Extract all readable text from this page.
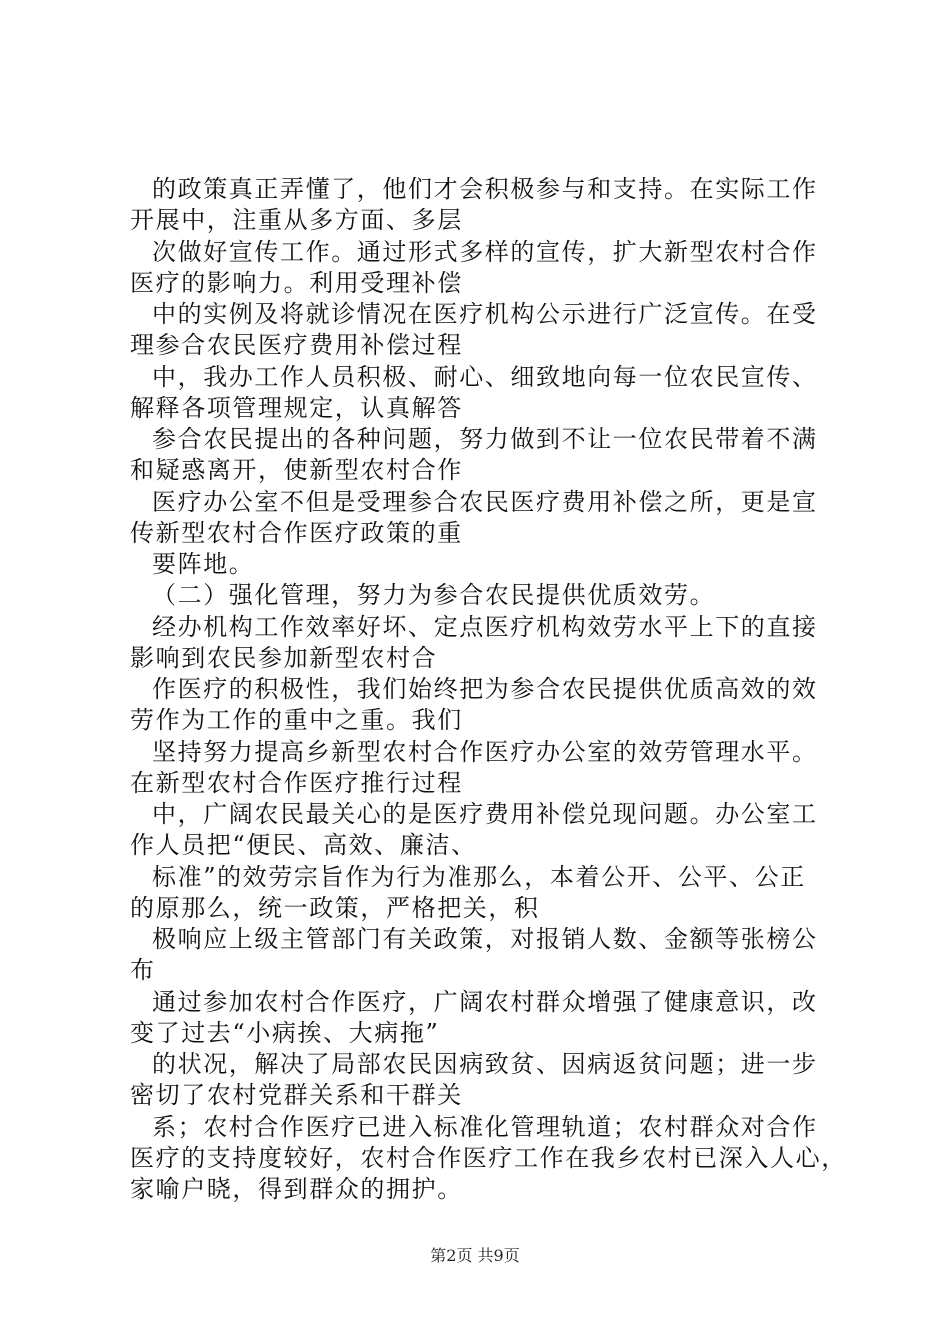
的政策真正弄懂了，他们才会积极参与和支持。在实际工作
开展中，注重从多方面、多层
次做好宣传工作。通过形式多样的宣传，扩大新型农村合作
医疗的影响力。利用受理补偿
中的实例及将就诊情况在医疗机构公示进行广泛宣传。在受
理参合农民医疗费用补偿过程
中，我办工作人员积极、耐心、细致地向每一位农民宣传、
解释各项管理规定，认真解答
参合农民提出的各种问题，努力做到不让一位农民带着不满
和疑惑离开，使新型农村合作
医疗办公室不但是受理参合农民医疗费用补偿之所，更是宣
传新型农村合作医疗政策的重
要阵地。
（二）强化管理，努力为参合农民提供优质效劳。
经办机构工作效率好坏、定点医疗机构效劳水平上下的直接
影响到农民参加新型农村合
作医疗的积极性，我们始终把为参合农民提供优质高效的效
劳作为工作的重中之重。我们
坚持努力提高乡新型农村合作医疗办公室的效劳管理水平。
在新型农村合作医疗推行过程
中，广阔农民最关心的是医疗费用补偿兑现问题。办公室工
作人员把“便民、高效、廉洁、
标准”的效劳宗旨作为行为准那么，本着公开、公平、公正
的原那么，统一政策，严格把关，积
极响应上级主管部门有关政策，对报销人数、金额等张榜公
布
通过参加农村合作医疗，广阔农村群众增强了健康意识，改
变了过去“小病挨、大病拖”
的状况，解决了局部农民因病致贫、因病返贫问题；进一步
密切了农村党群关系和干群关
系；农村合作医疗已进入标准化管理轨道；农村群众对合作
医疗的支持度较好，农村合作医疗工作在我乡农村已深入人心，
家喻户晓，得到群众的拥护。
第2页 共9页
